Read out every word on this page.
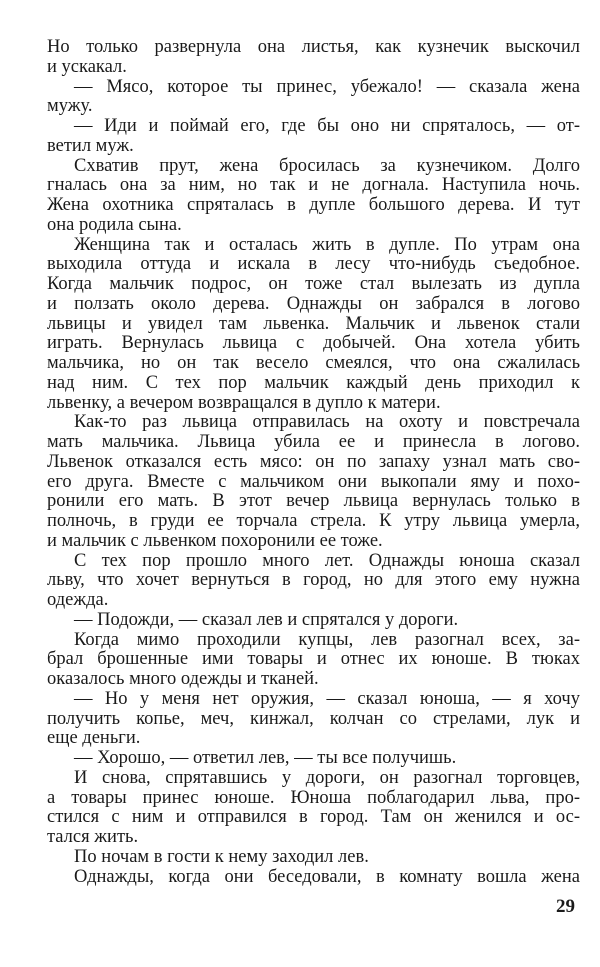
Но только развернула она листья, как кузнечик выскочил
и ускакал.
— Мясо, которое ты принес, убежало! — сказала жена
мужу.
— Иди и поймай его, где бы оно ни спряталось, — от-
ветил муж.
Схватив прут, жена бросилась за кузнечиком. Долго
гналась она за ним, но так и не догнала. Наступила ночь.
Жена охотника спряталась в дупле большого дерева. И тут
она родила сына.
Женщина так и осталась жить в дупле. По утрам она
выходила оттуда и искала в лесу что-нибудь съедобное.
Когда мальчик подрос, он тоже стал вылезать из дупла
и ползать около дерева. Однажды он забрался в логово
львицы и увидел там львенка. Мальчик и львенок стали
играть. Вернулась львица с добычей. Она хотела убить
мальчика, но он так весело смеялся, что она сжалилась
над ним. С тех пор мальчик каждый день приходил к
львенку, а вечером возвращался в дупло к матери.
Как-то раз львица отправилась на охоту и повстречала
мать мальчика. Львица убила ее и принесла в логово.
Львенок отказался есть мясо: он по запаху узнал мать сво-
его друга. Вместе с мальчиком они выкопали яму и похо-
ронили его мать. В этот вечер львица вернулась только в
полночь, в груди ее торчала стрела. К утру львица умерла,
и мальчик с львенком похоронили ее тоже.
С тех пор прошло много лет. Однажды юноша сказал
льву, что хочет вернуться в город, но для этого ему нужна
одежда.
— Подожди, — сказал лев и спрятался у дороги.
Когда мимо проходили купцы, лев разогнал всех, за-
брал брошенные ими товары и отнес их юноше. В тюках
оказалось много одежды и тканей.
— Но у меня нет оружия, — сказал юноша, — я хочу
получить копье, меч, кинжал, колчан со стрелами, лук и
еще деньги.
— Хорошо, — ответил лев, — ты все получишь.
И снова, спрятавшись у дороги, он разогнал торговцев,
а товары принес юноше. Юноша поблагодарил льва, про-
стился с ним и отправился в город. Там он женился и ос-
тался жить.
По ночам в гости к нему заходил лев.
Однажды, когда они беседовали, в комнату вошла жена
29
